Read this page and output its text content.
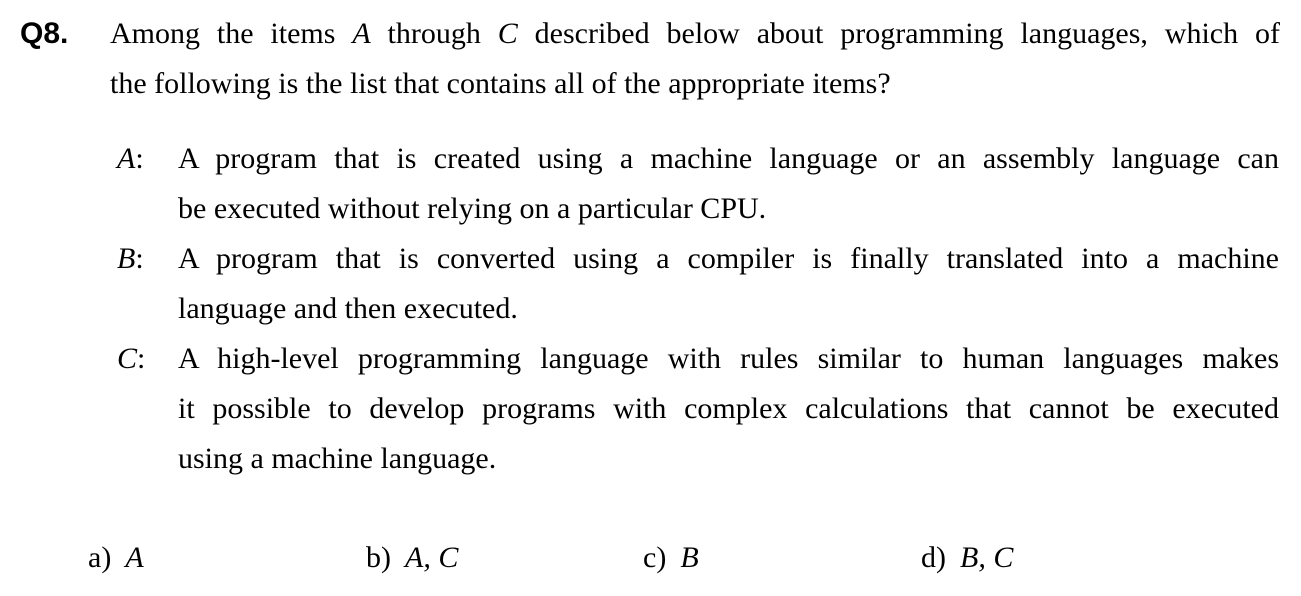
Q8. Among the items A through C described below about programming languages, which of
the following is the list that contains all of the appropriate items?
A: A program that is created using a machine language or an assembly language can
be executed without relying on a particular CPU.
B: A program that is converted using a compiler is finally translated into a machine
language and then executed.
C: A high-level programming language with rules similar to human languages makes
it possible to develop programs with complex calculations that cannot be executed
using a machine language.
a) A	b) A, C	c) B	d) B, C
